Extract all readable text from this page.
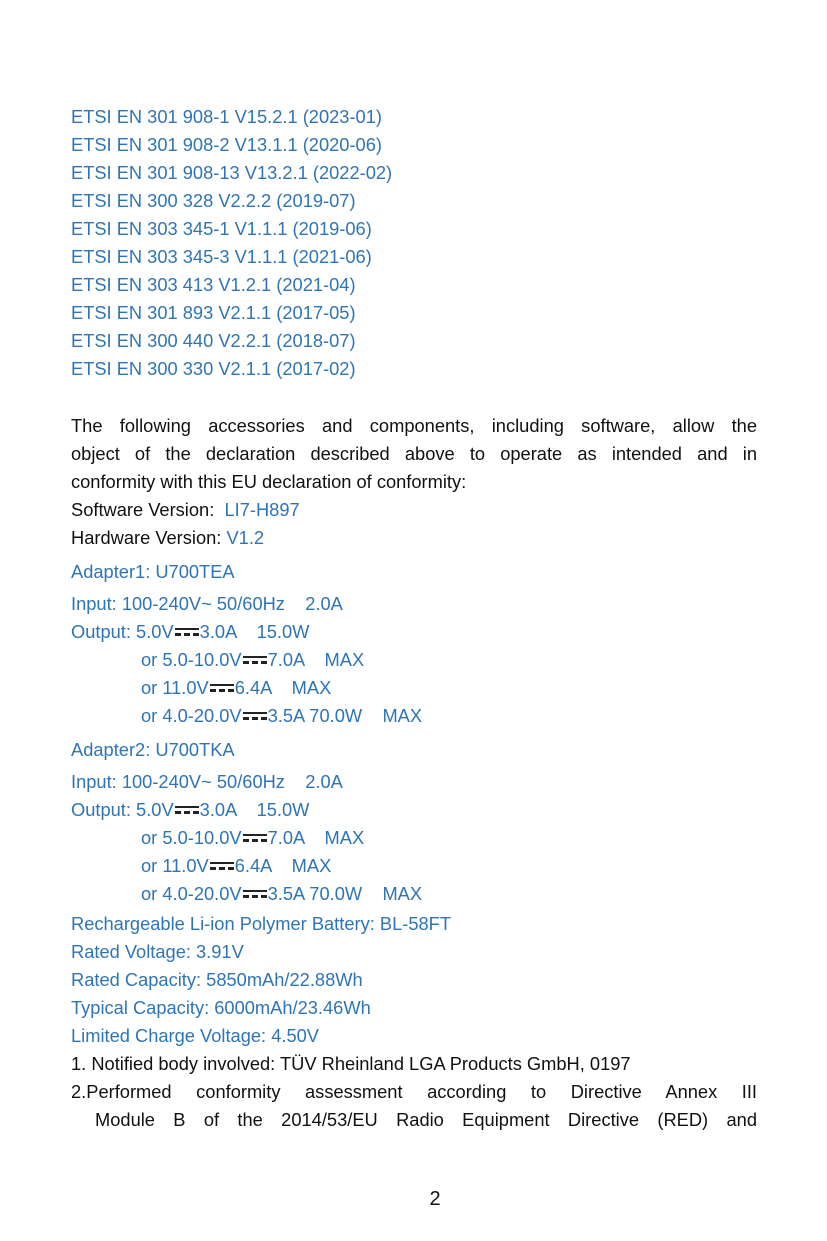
ETSI EN 301 908-1 V15.2.1 (2023-01)
ETSI EN 301 908-2 V13.1.1 (2020-06)
ETSI EN 301 908-13 V13.2.1 (2022-02)
ETSI EN 300 328 V2.2.2 (2019-07)
ETSI EN 303 345-1 V1.1.1 (2019-06)
ETSI EN 303 345-3 V1.1.1 (2021-06)
ETSI EN 303 413 V1.2.1 (2021-04)
ETSI EN 301 893 V2.1.1 (2017-05)
ETSI EN 300 440 V2.2.1 (2018-07)
ETSI EN 300 330 V2.1.1 (2017-02)
The following accessories and components, including software, allow the
object of the declaration described above to operate as intended and in
conformity with this EU declaration of conformity:
Software Version: LI7-H897
Hardware Version: V1.2
Adapter1: U700TEA
Input: 100-240V~ 50/60Hz    2.0A
Output: 5.0V 3.0A    15.0W
or 5.0-10.0V 7.0A    MAX
or 11.0V 6.4A    MAX
or 4.0-20.0V 3.5A 70.0W    MAX
Adapter2: U700TKA
Input: 100-240V~ 50/60Hz    2.0A
Output: 5.0V 3.0A    15.0W
or 5.0-10.0V 7.0A    MAX
or 11.0V 6.4A    MAX
or 4.0-20.0V 3.5A 70.0W    MAX
Rechargeable Li-ion Polymer Battery: BL-58FT
Rated Voltage: 3.91V
Rated Capacity: 5850mAh/22.88Wh
Typical Capacity: 6000mAh/23.46Wh
Limited Charge Voltage: 4.50V
1. Notified body involved: TÜV Rheinland LGA Products GmbH, 0197
2.Performed conformity assessment according to Directive Annex III
Module B of the 2014/53/EU Radio Equipment Directive (RED) and
2
